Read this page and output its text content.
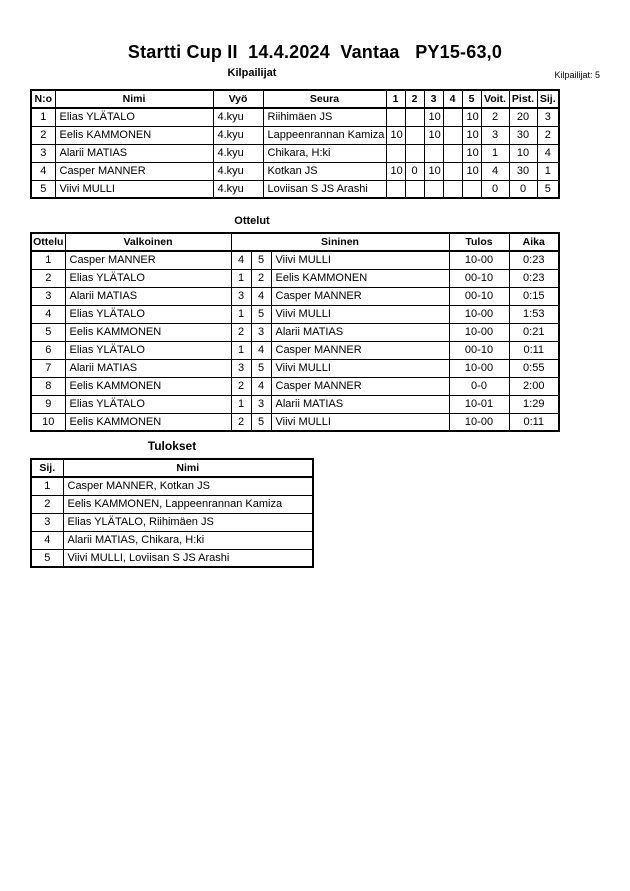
Startti Cup II  14.4.2024  Vantaa   PY15-63,0
Kilpailijat	Kilpailijat: 5
N:o	Nimi	Vyö	Seura	1	2	3	4	5	Voit.	Pist.	Sij.
1	Elias YLÄTALO	4.kyu	Riihimäen JS			10		10	2	20	3
2	Eelis KAMMONEN	4.kyu	Lappeenrannan Kamiza	10		10		10	3	30	2
3	Alarii MATIAS	4.kyu	Chikara, H:ki					10	1	10	4
4	Casper MANNER	4.kyu	Kotkan JS	10	0	10		10	4	30	1
5	Viivi MULLI	4.kyu	Loviisan S JS Arashi						0	0	5
Ottelut
Ottelu	Valkoinen	Sininen			Tulos	Aika
1	Casper MANNER	4	5	Viivi MULLI	10-00	0:23
2	Elias YLÄTALO	1	2	Eelis KAMMONEN	00-10	0:23
3	Alarii MATIAS	3	4	Casper MANNER	00-10	0:15
4	Elias YLÄTALO	1	5	Viivi MULLI	10-00	1:53
5	Eelis KAMMONEN	2	3	Alarii MATIAS	10-00	0:21
6	Elias YLÄTALO	1	4	Casper MANNER	00-10	0:11
7	Alarii MATIAS	3	5	Viivi MULLI	10-00	0:55
8	Eelis KAMMONEN	2	4	Casper MANNER	0-0	2:00
9	Elias YLÄTALO	1	3	Alarii MATIAS	10-01	1:29
10	Eelis KAMMONEN	2	5	Viivi MULLI	10-00	0:11
Tulokset
Sij.	Nimi
1	Casper MANNER, Kotkan JS
2	Eelis KAMMONEN, Lappeenrannan Kamiza
3	Elias YLÄTALO, Riihimäen JS
4	Alarii MATIAS, Chikara, H:ki
5	Viivi MULLI, Loviisan S JS Arashi
